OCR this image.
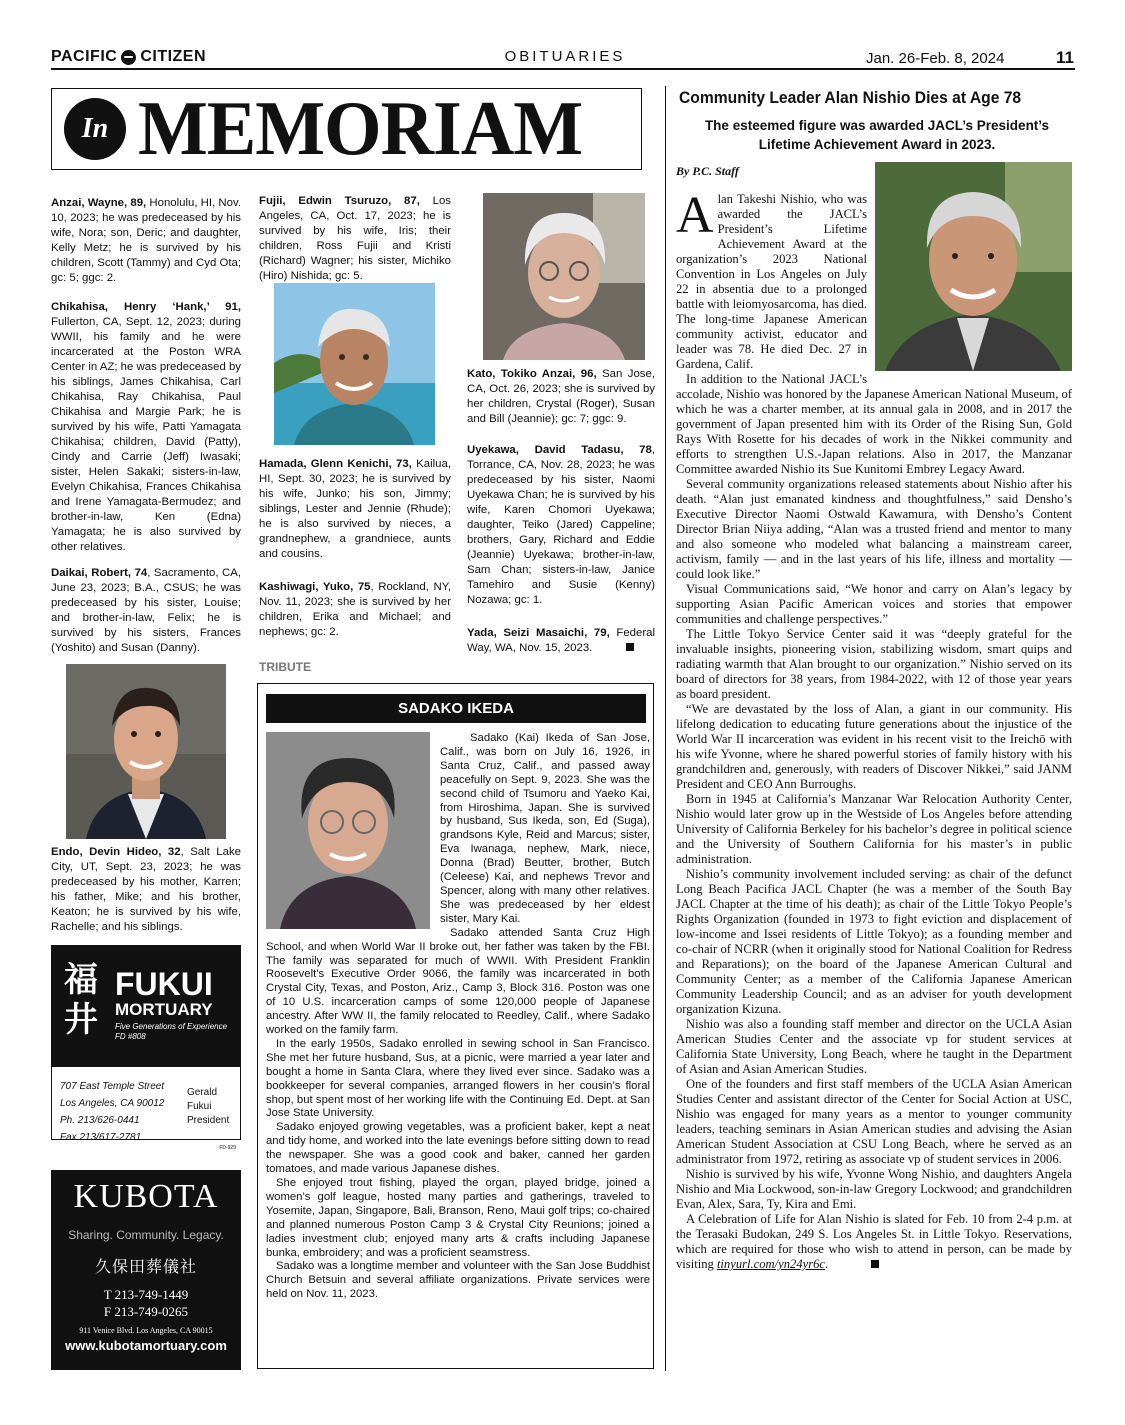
PACIFIC CITIZEN	OBITUARIES	Jan. 26-Feb. 8, 2024	11
In MEMORIAM
Anzai, Wayne, 89, Honolulu, HI, Nov. 10, 2023; he was predeceased by his wife, Nora; son, Deric; and daughter, Kelly Metz; he is survived by his children, Scott (Tammy) and Cyd Ota; gc: 5; ggc: 2.
Chikahisa, Henry ‘Hank,’ 91, Fullerton, CA, Sept. 12, 2023; during WWII, his family and he were incarcerated at the Poston WRA Center in AZ; he was predeceased by his siblings, James Chikahisa, Carl Chikahisa, Ray Chikahisa, Paul Chikahisa and Margie Park; he is survived by his wife, Patti Yamagata Chikahisa; children, David (Patty), Cindy and Carrie (Jeff) Iwasaki; sister, Helen Sakaki; sisters-in-law, Evelyn Chikahisa, Frances Chikahisa and Irene Yamagata-Bermudez; and brother-in-law, Ken (Edna) Yamagata; he is also survived by other relatives.
Daikai, Robert, 74, Sacramento, CA, June 23, 2023; B.A., CSUS; he was predeceased by his sister, Louise; and brother-in-law, Felix; he is survived by his sisters, Frances (Yoshito) and Susan (Danny).
Endo, Devin Hideo, 32, Salt Lake City, UT, Sept. 23, 2023; he was predeceased by his mother, Karren; his father, Mike; and his brother, Keaton; he is survived by his wife, Rachelle; and his siblings.
福井
FUKUI
MORTUARY
Five Generations of Experience
FD #808
707 East Temple Street
Los Angeles, CA 90012
Ph. 213/626-0441
Fax 213/617-2781
Gerald
Fukui
President
FD-929
KUBOTA
Sharing. Community. Legacy.
久保田葬儀社
T 213-749-1449
F 213-749-0265
911 Venice Blvd. Los Angeles, CA 90015
www.kubotamortuary.com
Fujii, Edwin Tsuruzo, 87, Los Angeles, CA, Oct. 17, 2023; he is survived by his wife, Iris; their children, Ross Fujii and Kristi (Richard) Wagner; his sister, Michiko (Hiro) Nishida; gc: 5.
Hamada, Glenn Kenichi, 73, Kailua, HI, Sept. 30, 2023; he is survived by his wife, Junko; his son, Jimmy; siblings, Lester and Jennie (Rhude); he is also survived by nieces, a grandnephew, a grandniece, aunts and cousins.
Kashiwagi, Yuko, 75, Rockland, NY, Nov. 11, 2023; she is survived by her children, Erika and Michael; and nephews; gc: 2.
Kato, Tokiko Anzai, 96, San Jose, CA, Oct. 26, 2023; she is survived by her children, Crystal (Roger), Susan and Bill (Jeannie); gc: 7; ggc: 9.
Uyekawa, David Tadasu, 78, Torrance, CA, Nov. 28, 2023; he was predeceased by his sister, Naomi Uyekawa Chan; he is survived by his wife, Karen Chomori Uyekawa; daughter, Teiko (Jared) Cappeline; brothers, Gary, Richard and Eddie (Jeannie) Uyekawa; brother-in-law, Sam Chan; sisters-in-law, Janice Tamehiro and Susie (Kenny) Nozawa; gc: 1.
Yada, Seizi Masaichi, 79, Federal Way, WA, Nov. 15, 2023.
TRIBUTE
SADAKO IKEDA

Sadako (Kai) Ikeda of San Jose, Calif., was born on July 16, 1926, in Santa Cruz, Calif., and passed away peacefully on Sept. 9, 2023. She was the second child of Tsumoru and Yaeko Kai, from Hiroshima, Japan. She is survived by husband, Sus Ikeda, son, Ed (Suga), grandsons Kyle, Reid and Marcus; sister, Eva Iwanaga, nephew, Mark, niece, Donna (Brad) Beutter, brother, Butch (Celeese) Kai, and nephews Trevor and Spencer, along with many other relatives. She was predeceased by her eldest sister, Mary Kai.

Sadako attended Santa Cruz High School, and when World War II broke out, her father was taken by the FBI. The family was separated for much of WWII. With President Franklin Roosevelt’s Executive Order 9066, the family was incarcerated in both Crystal City, Texas, and Poston, Ariz., Camp 3, Block 316. Poston was one of 10 U.S. incarceration camps of some 120,000 people of Japanese ancestry. After WW II, the family relocated to Reedley, Calif., where Sadako worked on the family farm.

In the early 1950s, Sadako enrolled in sewing school in San Francisco. She met her future husband, Sus, at a picnic, were married a year later and bought a home in Santa Clara, where they lived ever since. Sadako was a bookkeeper for several companies, arranged flowers in her cousin’s floral shop, but spent most of her working life with the Continuing Ed. Dept. at San Jose State University.

Sadako enjoyed growing vegetables, was a proficient baker, kept a neat and tidy home, and worked into the late evenings before sitting down to read the newspaper. She was a good cook and baker, canned her garden tomatoes, and made various Japanese dishes.

She enjoyed trout fishing, played the organ, played bridge, joined a women’s golf league, hosted many parties and gatherings, traveled to Yosemite, Japan, Singapore, Bali, Branson, Reno, Maui golf trips; co-chaired and planned numerous Poston Camp 3 & Crystal City Reunions; joined a ladies investment club; enjoyed many arts & crafts including Japanese bunka, embroidery; and was a proficient seamstress.

Sadako was a longtime member and volunteer with the San Jose Buddhist Church Betsuin and several affiliate organizations. Private services were held on Nov. 11, 2023.

Community Leader Alan Nishio Dies at Age 78
The esteemed figure was awarded JACL’s President’s Lifetime Achievement Award in 2023.
By P.C. Staff
Alan Takeshi Nishio, who was awarded the JACL’s President’s Lifetime Achievement Award at the organization’s 2023 National Convention in Los Angeles on July 22 in absentia due to a prolonged battle with leiomyosarcoma, has died. The long-time Japanese American community activist, educator and leader was 78. He died Dec. 27 in Gardena, Calif.

In addition to the National JACL’s accolade, Nishio was honored by the Japanese American National Museum, of which he was a charter member, at its annual gala in 2008, and in 2017 the government of Japan presented him with its Order of the Rising Sun, Gold Rays With Rosette for his decades of work in the Nikkei community and efforts to strengthen U.S.-Japan relations. Also in 2017, the Manzanar Committee awarded Nishio its Sue Kunitomi Embrey Legacy Award.

Several community organizations released statements about Nishio after his death. “Alan just emanated kindness and thoughtfulness,” said Densho’s Executive Director Naomi Ostwald Kawamura, with Densho’s Content Director Brian Niiya adding, “Alan was a trusted friend and mentor to many and also someone who modeled what balancing a mainstream career, activism, family — and in the last years of his life, illness and mortality — could look like.”

Visual Communications said, “We honor and carry on Alan’s legacy by supporting Asian Pacific American voices and stories that empower communities and challenge perspectives.”

The Little Tokyo Service Center said it was “deeply grateful for the invaluable insights, pioneering vision, stabilizing wisdom, smart quips and radiating warmth that Alan brought to our organization.” Nishio served on its board of directors for 38 years, from 1984-2022, with 12 of those year years as board president.

“We are devastated by the loss of Alan, a giant in our community. His lifelong dedication to educating future generations about the injustice of the World War II incarceration was evident in his recent visit to the Ireichō with his wife Yvonne, where he shared powerful stories of family history with his grandchildren and, generously, with readers of Discover Nikkei,” said JANM President and CEO Ann Burroughs.

Born in 1945 at California’s Manzanar War Relocation Authority Center, Nishio would later grow up in the Westside of Los Angeles before attending University of California Berkeley for his bachelor’s degree in political science and the University of Southern California for his master’s in public administration.

Nishio’s community involvement included serving: as chair of the defunct Long Beach Pacifica JACL Chapter (he was a member of the South Bay JACL Chapter at the time of his death); as chair of the Little Tokyo People’s Rights Organization (founded in 1973 to fight eviction and displacement of low-income and Issei residents of Little Tokyo); as a founding member and co-chair of NCRR (when it originally stood for National Coalition for Redress and Reparations); on the board of the Japanese American Cultural and Community Center; as a member of the California Japanese American Community Leadership Council; and as an adviser for youth development organization Kizuna.

Nishio was also a founding staff member and director on the UCLA Asian American Studies Center and the associate vp for student services at California State University, Long Beach, where he taught in the Department of Asian and Asian American Studies.

One of the founders and first staff members of the UCLA Asian American Studies Center and assistant director of the Center for Social Action at USC, Nishio was engaged for many years as a mentor to younger community leaders, teaching seminars in Asian American studies and advising the Asian American Student Association at CSU Long Beach, where he served as an administrator from 1972, retiring as associate vp of student services in 2006.

Nishio is survived by his wife, Yvonne Wong Nishio, and daughters Angela Nishio and Mia Lockwood, son-in-law Gregory Lockwood; and grandchildren Evan, Alex, Sara, Ty, Kira and Emi.

A Celebration of Life for Alan Nishio is slated for Feb. 10 from 2-4 p.m. at the Terasaki Budokan, 249 S. Los Angeles St. in Little Tokyo. Reservations, which are required for those who wish to attend in person, can be made by visiting tinyurl.com/yn24yr6c.
